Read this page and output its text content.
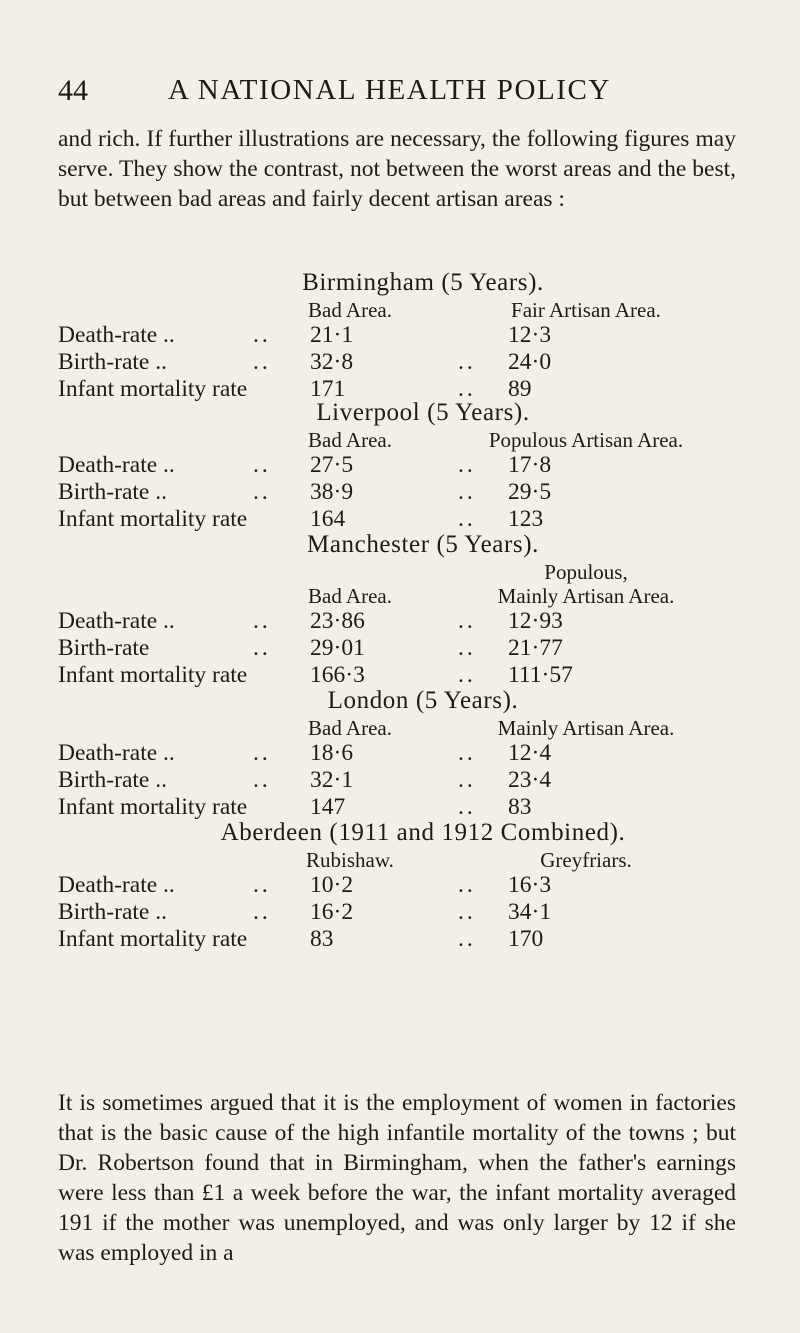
44	A NATIONAL HEALTH POLICY

and rich. If further illustrations are necessary, the following figures may serve. They show the contrast, not between the worst areas and the best, but between bad areas and fairly decent artisan areas :

Birmingham (5 Years).
Bad Area.	Fair Artisan Area.
Death-rate ..	..	21·1	12·3
Birth-rate ..	..	32·8	..	24·0
Infant mortality rate	171	..	89
Liverpool (5 Years).
Bad Area.	Populous Artisan Area.
Death-rate ..	..	27·5	..	17·8
Birth-rate ..	..	38·9	..	29·5
Infant mortality rate	164	..	123
Manchester (5 Years).
Bad Area.
Populous,
Mainly Artisan Area.
Death-rate ..	..	23·86	..	12·93
Birth-rate	..	29·01	..	21·77
Infant mortality rate	166·3	..	111·57
London (5 Years).
Bad Area.	Mainly Artisan Area.
Death-rate ..	..	18·6	..	12·4
Birth-rate ..	..	32·1	..	23·4
Infant mortality rate	147	..	83
Aberdeen (1911 and 1912 Combined).
Rubishaw.	Greyfriars.
Death-rate ..	..	10·2	..	16·3
Birth-rate ..	..	16·2	..	34·1
Infant mortality rate	83	..	170

It is sometimes argued that it is the employment of women in factories that is the basic cause of the high infantile mortality of the towns ; but Dr. Robertson found that in Birmingham, when the father's earnings were less than £1 a week before the war, the infant mortality averaged 191 if the mother was unemployed, and was only larger by 12 if she was employed in a
